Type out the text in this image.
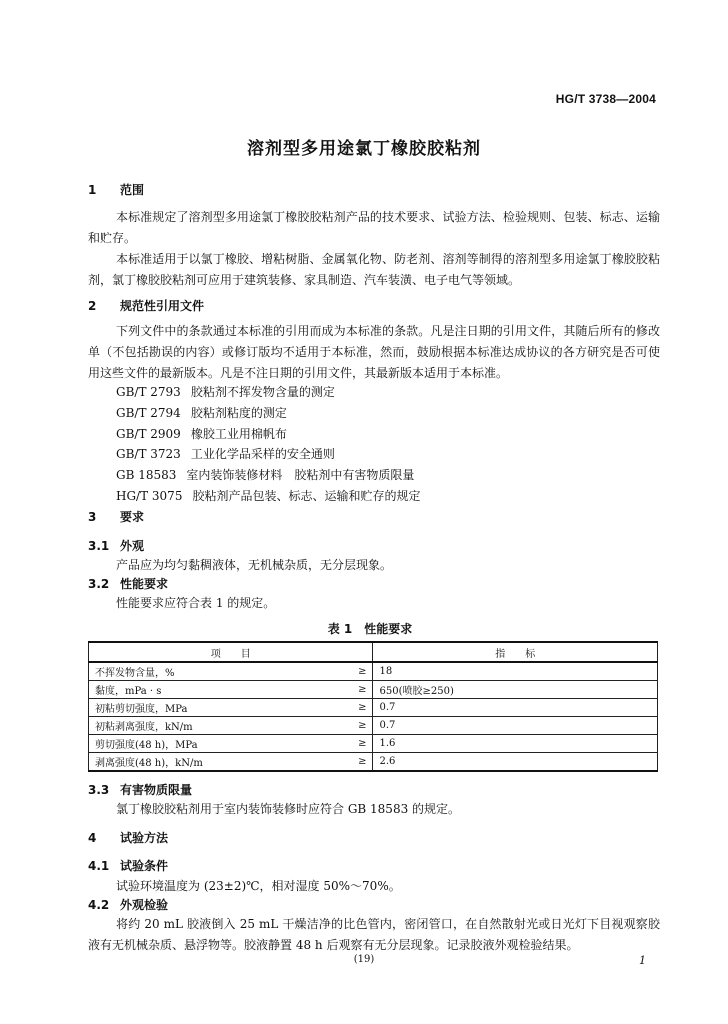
HG/T 3738—2004
溶剂型多用途氯丁橡胶胶粘剂
1 范围
本标准规定了溶剂型多用途氯丁橡胶胶粘剂产品的技术要求、试验方法、检验规则、包装、标志、运输和贮存。
本标准适用于以氯丁橡胶、增粘树脂、金属氧化物、防老剂、溶剂等制得的溶剂型多用途氯丁橡胶胶粘剂，氯丁橡胶胶粘剂可应用于建筑装修、家具制造、汽车装潢、电子电气等领域。
2 规范性引用文件
下列文件中的条款通过本标准的引用而成为本标准的条款。凡是注日期的引用文件，其随后所有的修改单（不包括勘误的内容）或修订版均不适用于本标准，然而，鼓励根据本标准达成协议的各方研究是否可使用这些文件的最新版本。凡是不注日期的引用文件，其最新版本适用于本标准。
GB/T 2793 胶粘剂不挥发物含量的测定
GB/T 2794 胶粘剂粘度的测定
GB/T 2909 橡胶工业用棉帆布
GB/T 3723 工业化学品采样的安全通则
GB 18583 室内装饰装修材料　胶粘剂中有害物质限量
HG/T 3075 胶粘剂产品包装、标志、运输和贮存的规定
3 要求
3.1 外观
产品应为均匀黏稠液体，无机械杂质，无分层现象。
3.2 性能要求
性能要求应符合表 1 的规定。
表 1　性能要求
项　　目		指　　标
不挥发物含量，%	≥	18
黏度，mPa · s	≥	650(喷胶≥250)
初粘剪切强度，MPa	≥	0.7
初粘剥离强度，kN/m	≥	0.7
剪切强度(48 h)，MPa	≥	1.6
剥离强度(48 h)，kN/m	≥	2.6
3.3 有害物质限量
氯丁橡胶胶粘剂用于室内装饰装修时应符合 GB 18583 的规定。
4 试验方法
4.1 试验条件
试验环境温度为 (23±2)℃，相对湿度 50%～70%。
4.2 外观检验
将约 20 mL 胶液倒入 25 mL 干燥洁净的比色管内，密闭管口，在自然散射光或日光灯下目视观察胶液有无机械杂质、悬浮物等。胶液静置 48 h 后观察有无分层现象。记录胶液外观检验结果。
(19)	1
